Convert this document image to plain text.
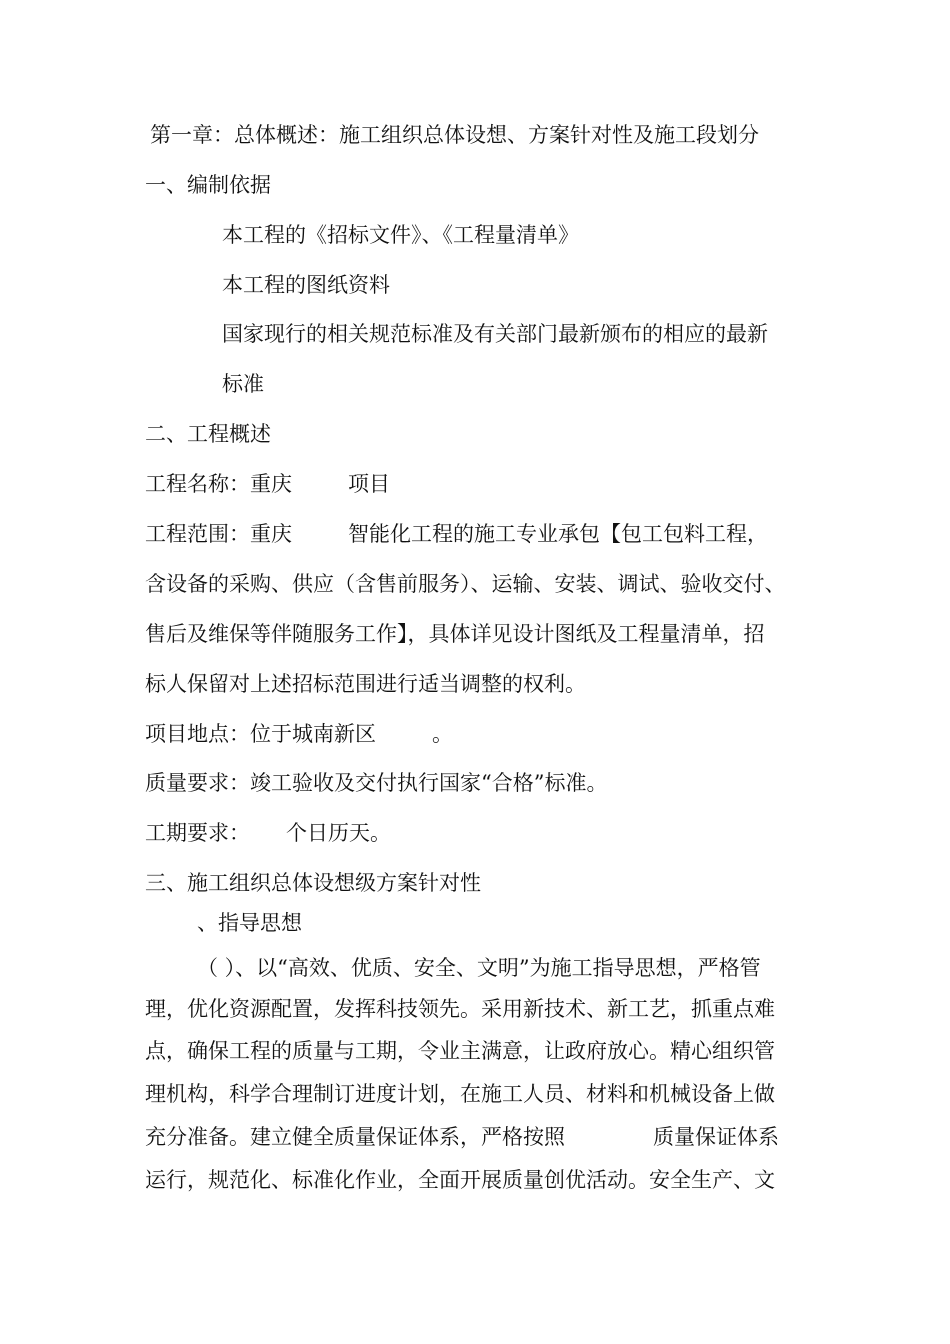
第一章：总体概述：施工组织总体设想、方案针对性及施工段划分
一、编制依据
本工程的《招标文件》、《工程量清单》
本工程的图纸资料
国家现行的相关规范标准及有关部门最新颁布的相应的最新
标准
二、工程概述
工程名称：重庆	项目
工程范围：重庆	智能化工程的施工专业承包【包工包料工程，
含设备的采购、供应（含售前服务）、运输、安装、调试、验收交付、
售后及维保等伴随服务工作】，具体详见设计图纸及工程量清单，招
标人保留对上述招标范围进行适当调整的权利。
项目地点：位于城南新区	。
质量要求：竣工验收及交付执行国家“合格”标准。
工期要求： 个日历天。
三、施工组织总体设想级方案针对性
、指导思想
（ ）、以“高效、优质、安全、文明”为施工指导思想，严格管
理，优化资源配置，发挥科技领先。采用新技术、新工艺，抓重点难
点，确保工程的质量与工期，令业主满意，让政府放心。精心组织管
理机构，科学合理制订进度计划，在施工人员、材料和机械设备上做
充分准备。建立健全质量保证体系，严格按照	质量保证体系
运行，规范化、标准化作业，全面开展质量创优活动。安全生产、文
